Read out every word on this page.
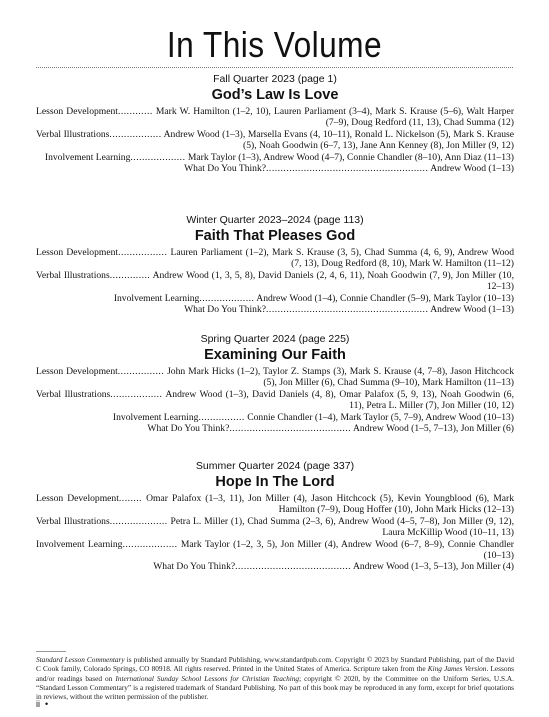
In This Volume
Fall Quarter 2023 (page 1)
God’s Law Is Love
Lesson Development............ Mark W. Hamilton (1–2, 10), Lauren Parliament (3–4), Mark S. Krause (5–6), Walt Harper (7–9), Doug Redford (11, 13), Chad Summa (12)
Verbal Illustrations.................. Andrew Wood (1–3), Marsella Evans (4, 10–11), Ronald L. Nickelson (5), Mark S. Krause (5), Noah Goodwin (6–7, 13), Jane Ann Kenney (8), Jon Miller (9, 12)
Involvement Learning................... Mark Taylor (1–3), Andrew Wood (4–7), Connie Chandler (8–10), Ann Diaz (11–13)
What Do You Think?........................................................ Andrew Wood (1–13)
Winter Quarter 2023–2024 (page 113)
Faith That Pleases God
Lesson Development................. Lauren Parliament (1–2), Mark S. Krause (3, 5), Chad Summa (4, 6, 9), Andrew Wood (7, 13), Doug Redford (8, 10), Mark W. Hamilton (11–12)
Verbal Illustrations.............. Andrew Wood (1, 3, 5, 8), David Daniels (2, 4, 6, 11), Noah Goodwin (7, 9), Jon Miller (10, 12–13)
Involvement Learning................... Andrew Wood (1–4), Connie Chandler (5–9), Mark Taylor (10–13)
What Do You Think?........................................................ Andrew Wood (1–13)
Spring Quarter 2024 (page 225)
Examining Our Faith
Lesson Development................ John Mark Hicks (1–2), Taylor Z. Stamps (3), Mark S. Krause (4, 7–8), Jason Hitchcock (5), Jon Miller (6), Chad Summa (9–10), Mark Hamilton (11–13)
Verbal Illustrations.................. Andrew Wood (1–3), David Daniels (4, 8), Omar Palafox (5, 9, 13), Noah Goodwin (6, 11), Petra L. Miller (7), Jon Miller (10, 12)
Involvement Learning................ Connie Chandler (1–4), Mark Taylor (5, 7–9), Andrew Wood (10–13)
What Do You Think?.......................................... Andrew Wood (1–5, 7–13), Jon Miller (6)
Summer Quarter 2024 (page 337)
Hope In The Lord
Lesson Development........ Omar Palafox (1–3, 11), Jon Miller (4), Jason Hitchcock (5), Kevin Youngblood (6), Mark Hamilton (7–9), Doug Hoffer (10), John Mark Hicks (12–13)
Verbal Illustrations.................... Petra L. Miller (1), Chad Summa (2–3, 6), Andrew Wood (4–5, 7–8), Jon Miller (9, 12), Laura McKillip Wood (10–11, 13)
Involvement Learning................... Mark Taylor (1–2, 3, 5), Jon Miller (4), Andrew Wood (6–7, 8–9), Connie Chandler (10–13)
What Do You Think?........................................ Andrew Wood (1–3, 5–13), Jon Miller (4)
Standard Lesson Commentary is published annually by Standard Publishing, www.standardpub.com. Copyright © 2023 by Standard Publishing, part of the David C Cook family, Colorado Springs, CO 80918. All rights reserved. Printed in the United States of America. Scripture taken from the King James Version. Lessons and/or readings based on International Sunday School Lessons for Christian Teaching; copyright © 2020, by the Committee on the Uniform Series, U.S.A. “Standard Lesson Commentary” is a registered trademark of Standard Publishing. No part of this book may be reproduced in any form, except for brief quotations in reviews, without the written permission of the publisher.
ii •
